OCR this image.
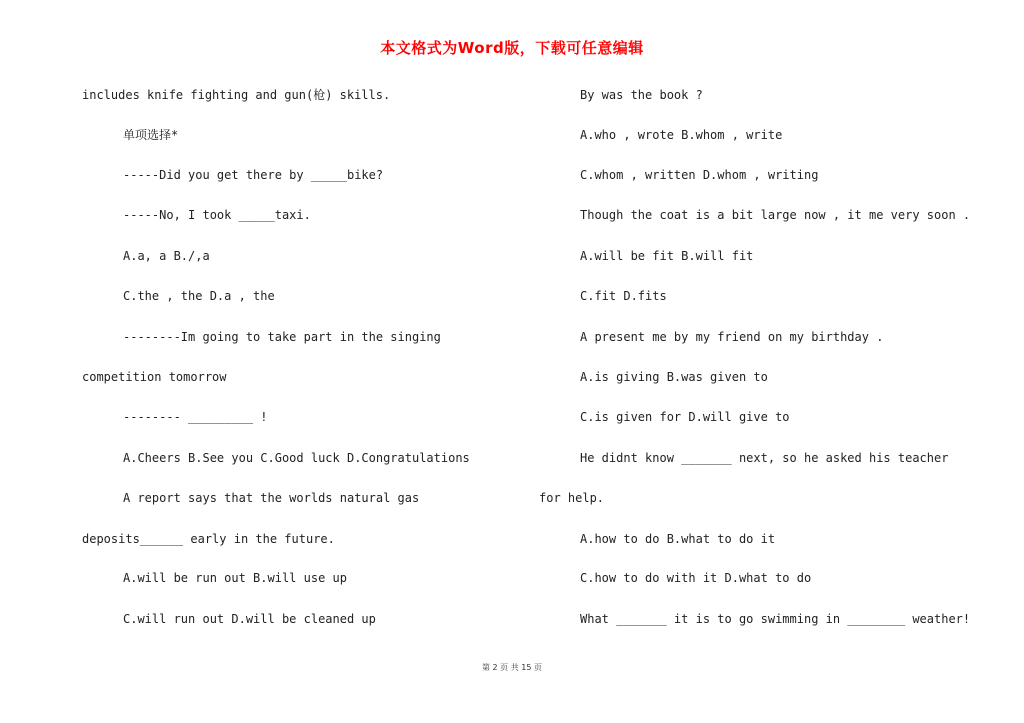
本文格式为Word版，下载可任意编辑
includes knife fighting and gun(枪) skills.
单项选择*
-----Did you get there by _____bike?
-----No, I took _____taxi.
A.a, a B./,a
C.the , the D.a , the
--------Im going to take part in the singing
competition tomorrow
-------- _________ !
A.Cheers B.See you C.Good luck D.Congratulations
A report says that the worlds natural gas
deposits______ early in the future.
A.will be run out B.will use up
C.will run out D.will be cleaned up
By was the book ?
A.who , wrote B.whom , write
C.whom , written D.whom , writing
Though the coat is a bit large now , it me very soon .
A.will be fit B.will fit
C.fit D.fits
A present me by my friend on my birthday .
A.is giving B.was given to
C.is given for D.will give to
He didnt know _______ next, so he asked his teacher
for help.
A.how to do B.what to do it
C.how to do with it D.what to do
What _______ it is to go swimming in ________ weather!
第 2 页 共 15 页
